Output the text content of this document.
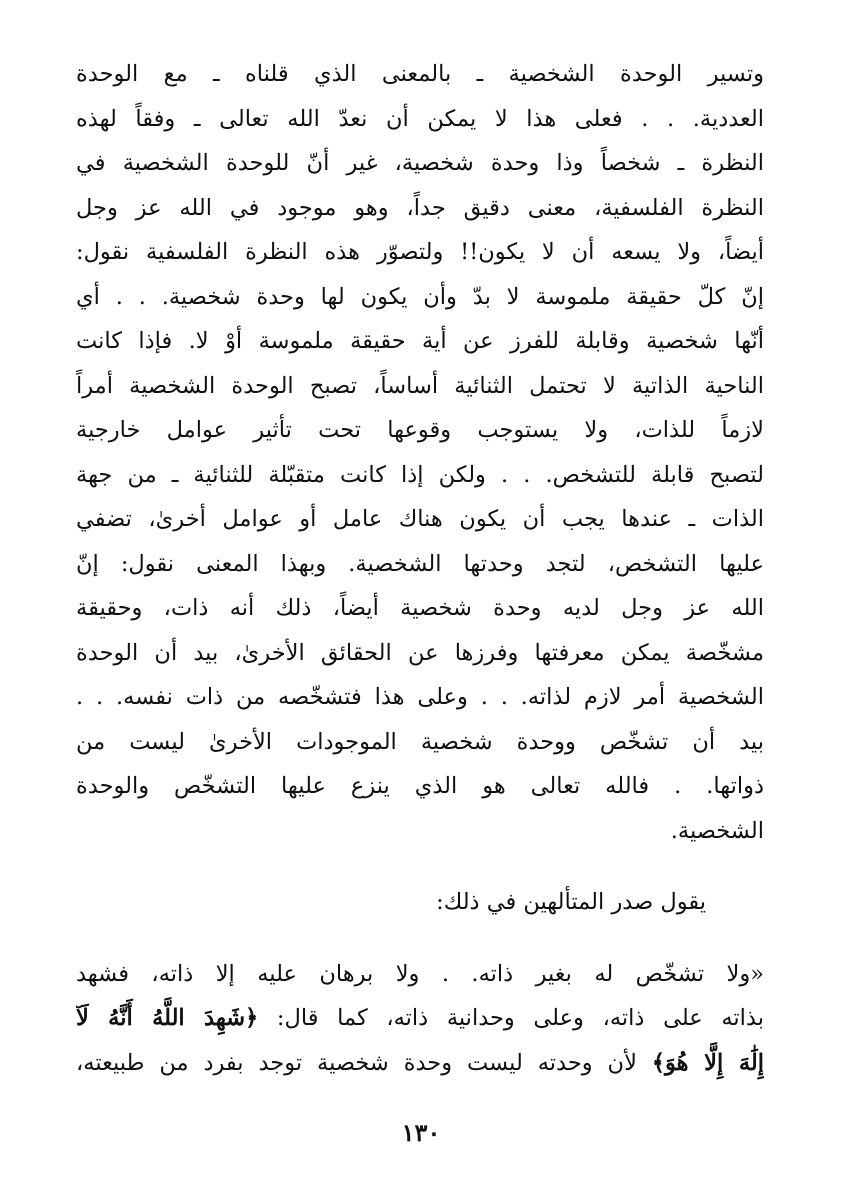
وتسير الوحدة الشخصية ـ بالمعنى الذي قلناه ـ مع الوحدة
العددية. . . فعلى هذا لا يمكن أن نعدّ الله تعالى ـ وفقاً لهذه
النظرة ـ شخصاً وذا وحدة شخصية، غير أنّ للوحدة الشخصية في
النظرة الفلسفية، معنى دقيق جداً، وهو موجود في الله عز وجل
أيضاً، ولا يسعه أن لا يكون!! ولتصوّر هذه النظرة الفلسفية نقول:
إنّ كلّ حقيقة ملموسة لا بدّ وأن يكون لها وحدة شخصية. . . أي
أنّها شخصية وقابلة للفرز عن أية حقيقة ملموسة أوْ لا. فإذا كانت
الناحية الذاتية لا تحتمل الثنائية أساساً، تصبح الوحدة الشخصية أمراً
لازماً للذات، ولا يستوجب وقوعها تحت تأثير عوامل خارجية
لتصبح قابلة للتشخص. . . ولكن إذا كانت متقبّلة للثنائية ـ من جهة
الذات ـ عندها يجب أن يكون هناك عامل أو عوامل أخرىٰ، تضفي
عليها التشخص، لتجد وحدتها الشخصية. وبهذا المعنى نقول: إنّ
الله عز وجل لديه وحدة شخصية أيضاً، ذلك أنه ذات، وحقيقة
مشخّصة يمكن معرفتها وفرزها عن الحقائق الأخرىٰ، بيد أن الوحدة
الشخصية أمر لازم لذاته. . . وعلى هذا فتشخّصه من ذات نفسه. . .
بيد أن تشخّص ووحدة شخصية الموجودات الأخرىٰ ليست من
ذواتها. . فالله تعالى هو الذي ينزع عليها التشخّص والوحدة
الشخصية.
يقول صدر المتألهين في ذلك:
«ولا تشخّص له بغير ذاته. . ولا برهان عليه إلا ذاته، فشهد
بذاته على ذاته، وعلى وحدانية ذاته، كما قال: ﴿شَهِدَ اللَّهُ أَنَّهُ لَآ
إِلَٰهَ إِلَّا هُوَ﴾ لأن وحدته ليست وحدة شخصية توجد بفرد من طبيعته،
١٣٠
